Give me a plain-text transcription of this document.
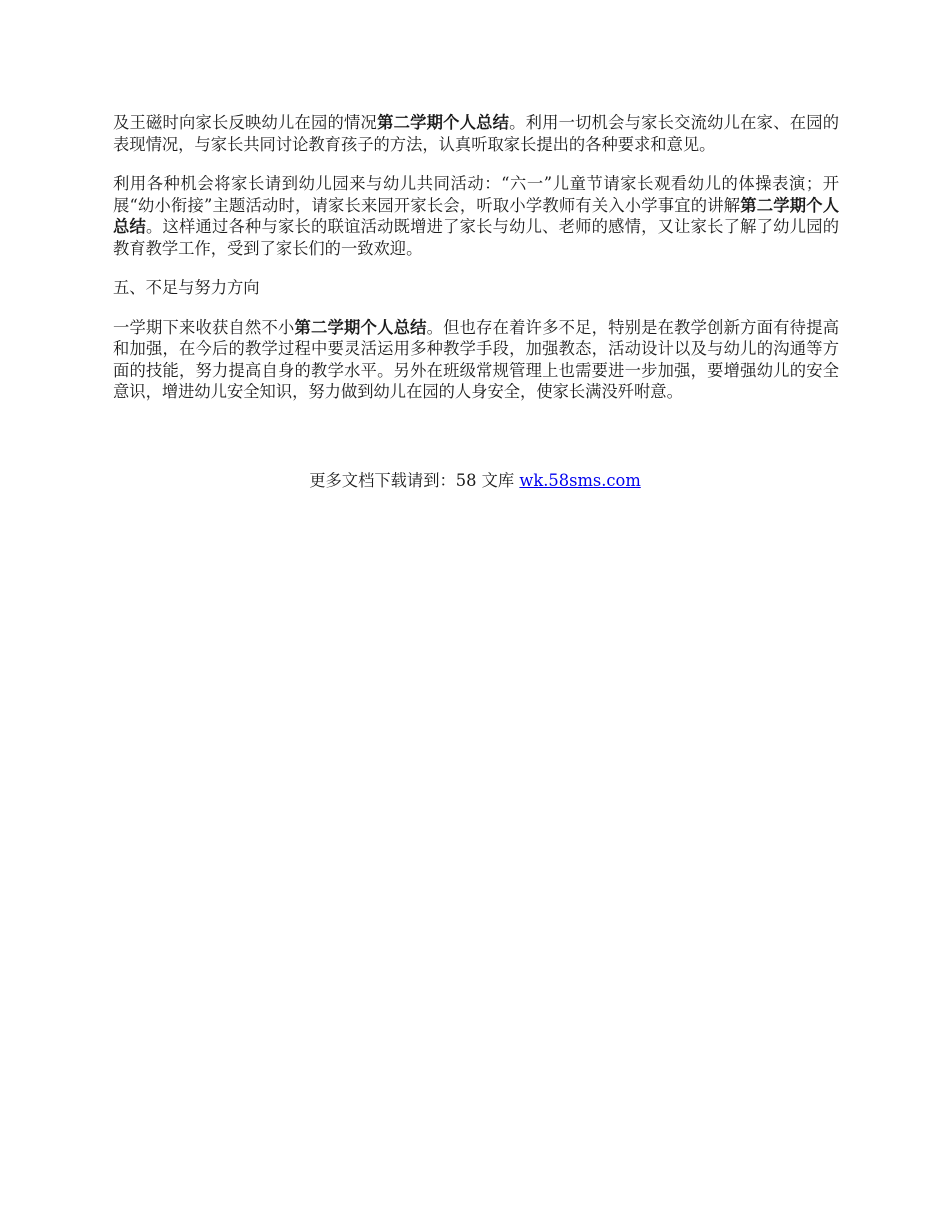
及王磁时向家长反映幼儿在园的情况第二学期个人总结。利用一切机会与家长交流幼儿在家、在园的表现情况，与家长共同讨论教育孩子的方法，认真听取家长提出的各种要求和意见。

利用各种机会将家长请到幼儿园来与幼儿共同活动：“六一”儿童节请家长观看幼儿的体操表演；开展“幼小衔接”主题活动时，请家长来园开家长会，听取小学教师有关入小学事宜的讲解第二学期个人总结。这样通过各种与家长的联谊活动既增进了家长与幼儿、老师的感情，又让家长了解了幼儿园的教育教学工作，受到了家长们的一致欢迎。

五、不足与努力方向

一学期下来收获自然不小第二学期个人总结。但也存在着许多不足，特别是在教学创新方面有待提高和加强，在今后的教学过程中要灵活运用多种教学手段，加强教态，活动设计以及与幼儿的沟通等方面的技能，努力提高自身的教学水平。另外在班级常规管理上也需要进一步加强，要增强幼儿的安全意识，增进幼儿安全知识，努力做到幼儿在园的人身安全，使家长满没歼咐意。

更多文档下载请到：58 文库 wk.58sms.com
